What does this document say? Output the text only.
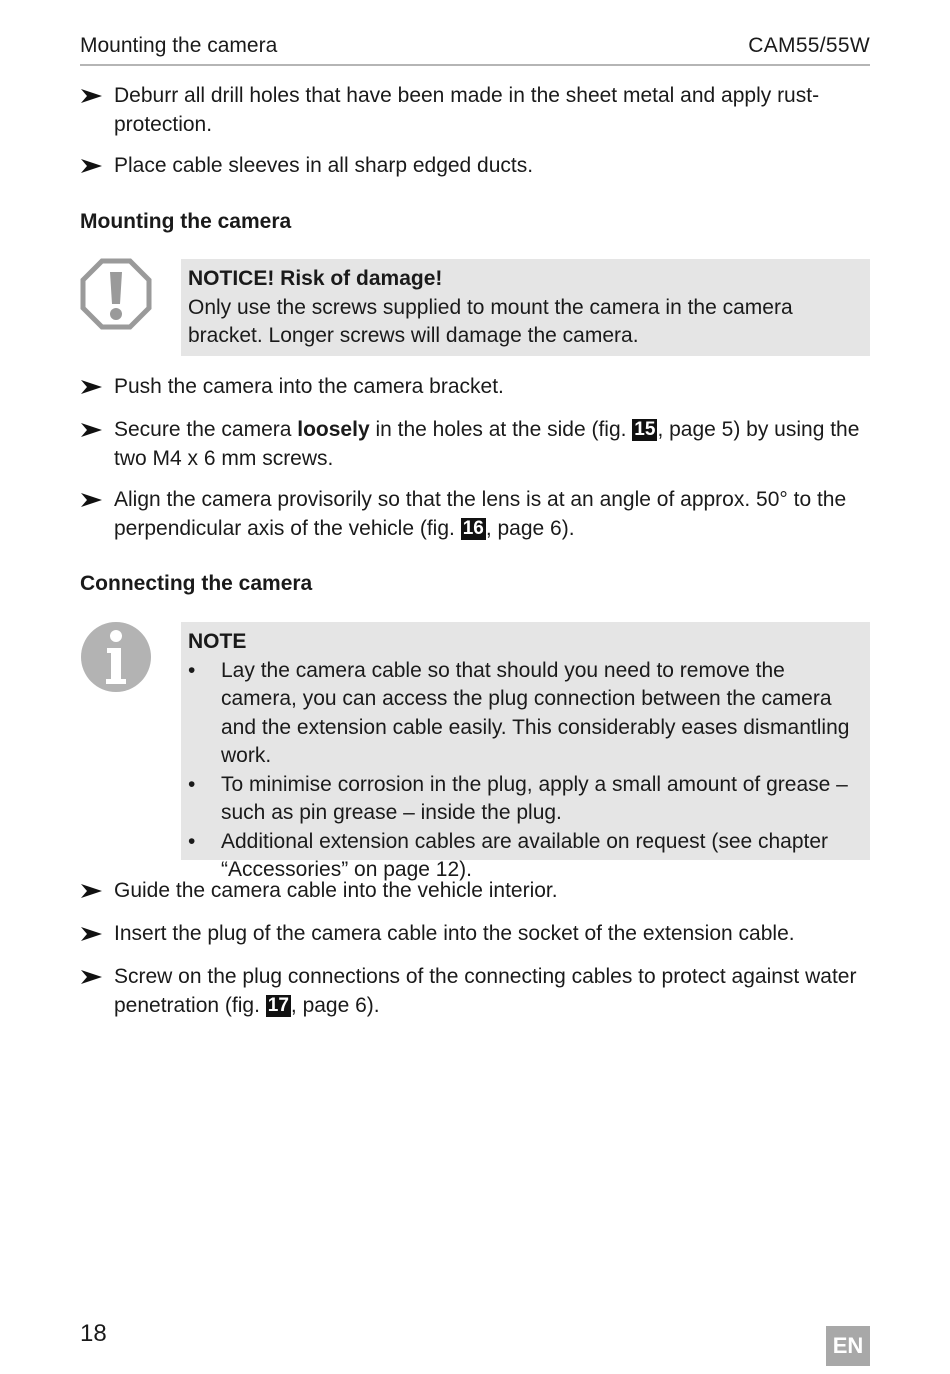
Mounting the camera	CAM55/55W
Deburr all drill holes that have been made in the sheet metal and apply rust-protection.
Place cable sleeves in all sharp edged ducts.
Mounting the camera
NOTICE! Risk of damage!
Only use the screws supplied to mount the camera in the camera bracket. Longer screws will damage the camera.
Push the camera into the camera bracket.
Secure the camera loosely in the holes at the side (fig. 15, page 5) by using the two M4 x 6 mm screws.
Align the camera provisorily so that the lens is at an angle of approx. 50° to the perpendicular axis of the vehicle (fig. 16, page 6).
Connecting the camera
NOTE
• Lay the camera cable so that should you need to remove the camera, you can access the plug connection between the camera and the extension cable easily. This considerably eases dismantling work.
• To minimise corrosion in the plug, apply a small amount of grease – such as pin grease – inside the plug.
• Additional extension cables are available on request (see chapter “Accessories” on page 12).
Guide the camera cable into the vehicle interior.
Insert the plug of the camera cable into the socket of the extension cable.
Screw on the plug connections of the connecting cables to protect against water penetration (fig. 17, page 6).
18	EN
